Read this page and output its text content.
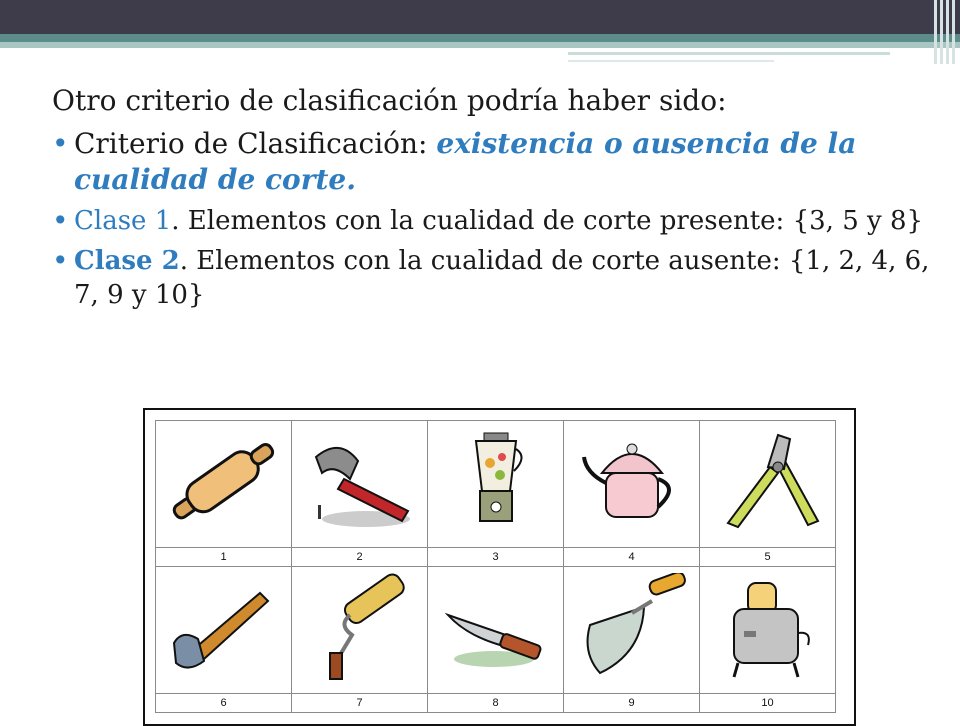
Otro criterio de clasificación podría haber sido:
• Criterio de Clasificación: existencia o ausencia de la cualidad de corte.
• Clase 1. Elementos con la cualidad de corte presente: {3, 5 y 8}
• Clase 2. Elementos con la cualidad de corte ausente: {1, 2, 4, 6, 7, 9 y 10}

1	2	3	4	5

6	7	8	9	10
